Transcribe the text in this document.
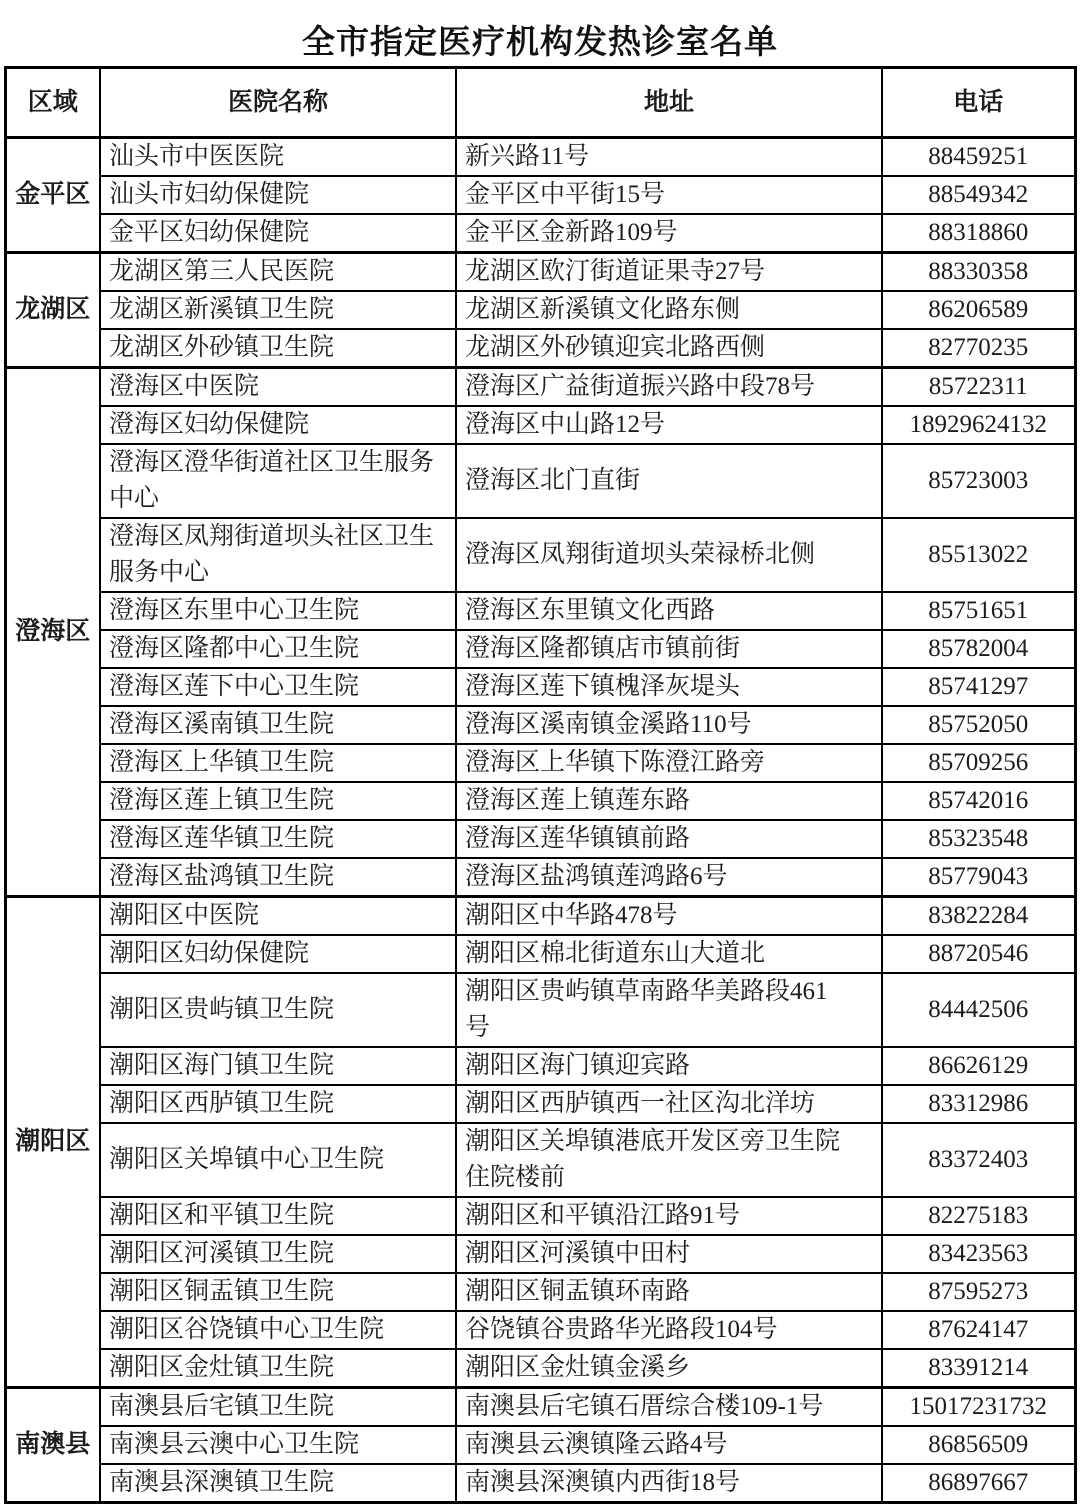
全市指定医疗机构发热诊室名单
区域	医院名称	地址	电话
金平区	汕头市中医医院	新兴路11号	88459251
	汕头市妇幼保健院	金平区中平街15号	88549342
	金平区妇幼保健院	金平区金新路109号	88318860
龙湖区	龙湖区第三人民医院	龙湖区欧汀街道证果寺27号	88330358
	龙湖区新溪镇卫生院	龙湖区新溪镇文化路东侧	86206589
	龙湖区外砂镇卫生院	龙湖区外砂镇迎宾北路西侧	82770235
澄海区	澄海区中医院	澄海区广益街道振兴路中段78号	85722311
	澄海区妇幼保健院	澄海区中山路12号	18929624132
	澄海区澄华街道社区卫生服务中心	澄海区北门直街	85723003
	澄海区凤翔街道坝头社区卫生服务中心	澄海区凤翔街道坝头荣禄桥北侧	85513022
	澄海区东里中心卫生院	澄海区东里镇文化西路	85751651
	澄海区隆都中心卫生院	澄海区隆都镇店市镇前街	85782004
	澄海区莲下中心卫生院	澄海区莲下镇槐泽灰堤头	85741297
	澄海区溪南镇卫生院	澄海区溪南镇金溪路110号	85752050
	澄海区上华镇卫生院	澄海区上华镇下陈澄江路旁	85709256
	澄海区莲上镇卫生院	澄海区莲上镇莲东路	85742016
	澄海区莲华镇卫生院	澄海区莲华镇镇前路	85323548
	澄海区盐鸿镇卫生院	澄海区盐鸿镇莲鸿路6号	85779043
潮阳区	潮阳区中医院	潮阳区中华路478号	83822284
	潮阳区妇幼保健院	潮阳区棉北街道东山大道北	88720546
	潮阳区贵屿镇卫生院	潮阳区贵屿镇草南路华美路段461号	84442506
	潮阳区海门镇卫生院	潮阳区海门镇迎宾路	86626129
	潮阳区西胪镇卫生院	潮阳区西胪镇西一社区沟北洋坊	83312986
	潮阳区关埠镇中心卫生院	潮阳区关埠镇港底开发区旁卫生院住院楼前	83372403
	潮阳区和平镇卫生院	潮阳区和平镇沿江路91号	82275183
	潮阳区河溪镇卫生院	潮阳区河溪镇中田村	83423563
	潮阳区铜盂镇卫生院	潮阳区铜盂镇环南路	87595273
	潮阳区谷饶镇中心卫生院	谷饶镇谷贵路华光路段104号	87624147
	潮阳区金灶镇卫生院	潮阳区金灶镇金溪乡	83391214
南澳县	南澳县后宅镇卫生院	南澳县后宅镇石厝综合楼109-1号	15017231732
	南澳县云澳中心卫生院	南澳县云澳镇隆云路4号	86856509
	南澳县深澳镇卫生院	南澳县深澳镇内西街18号	86897667
